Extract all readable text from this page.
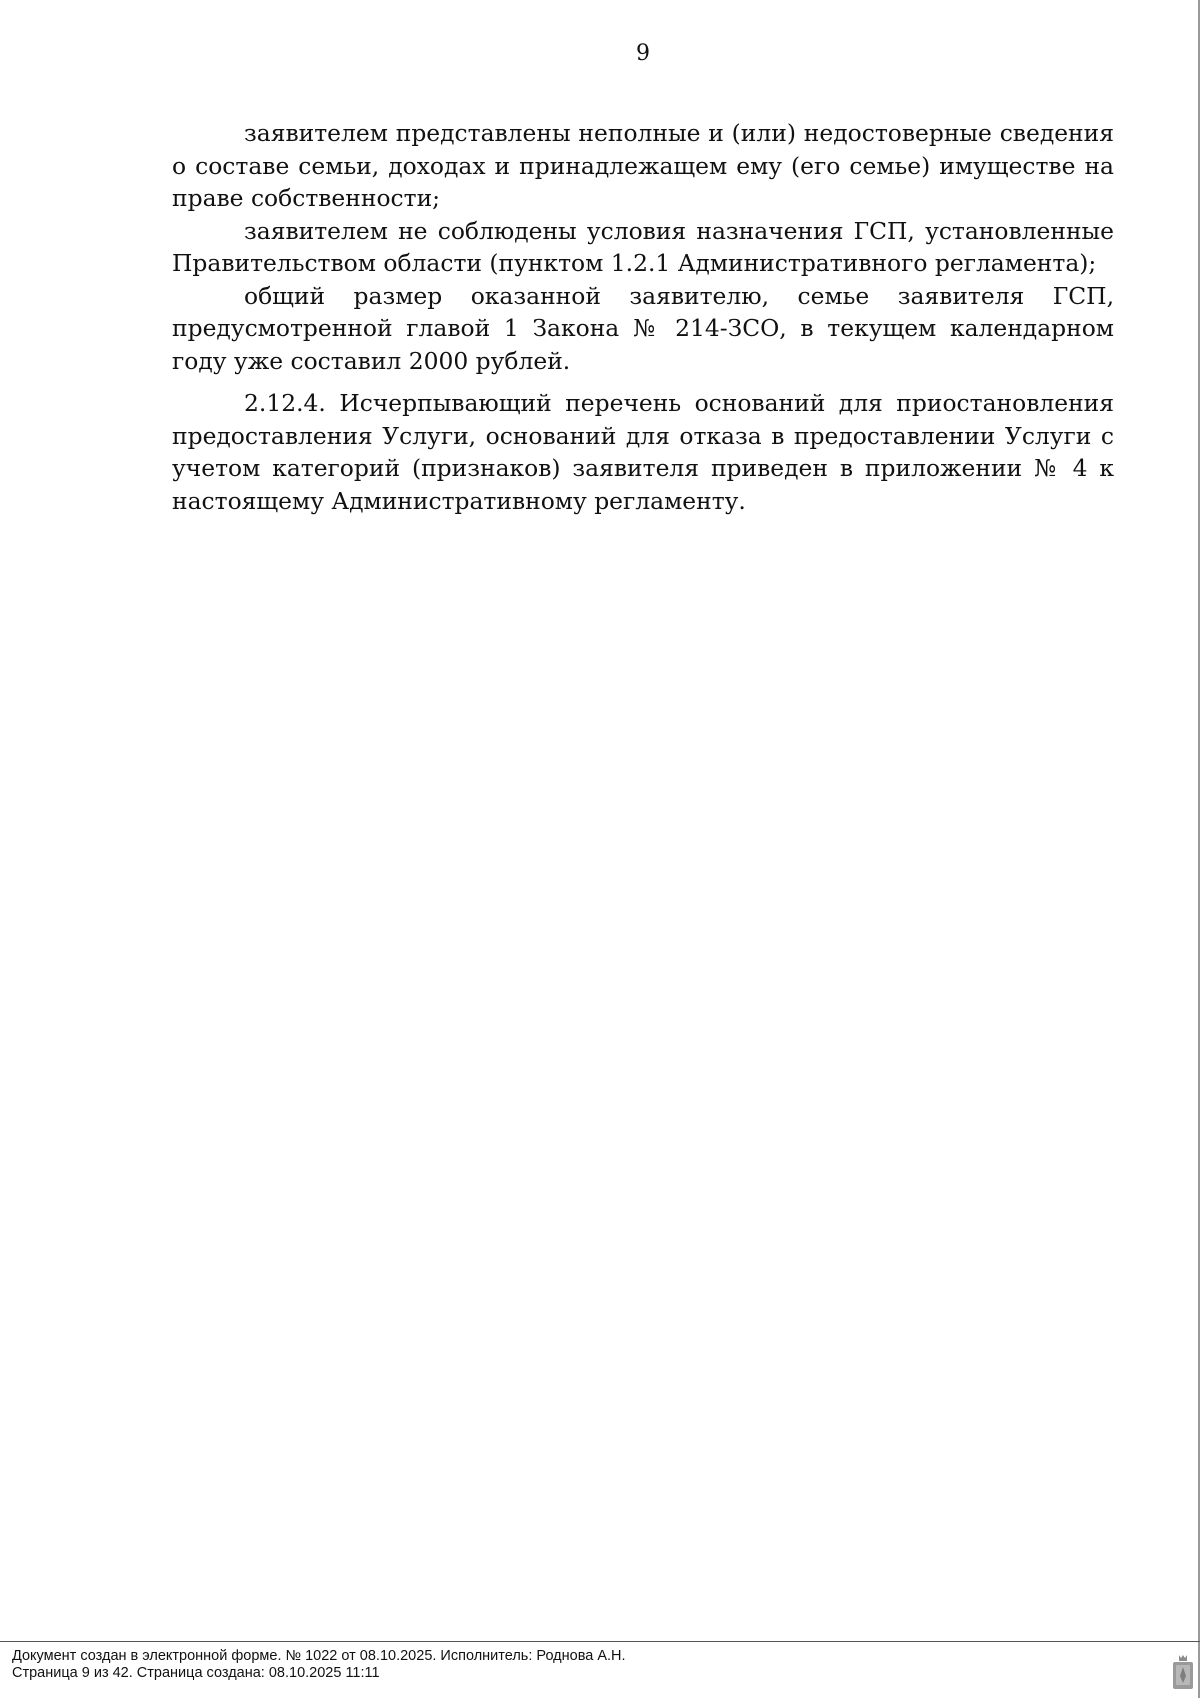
9

заявителем представлены неполные и (или) недостоверные сведения о составе семьи, доходах и принадлежащем ему (его семье) имуществе на праве собственности;

заявителем не соблюдены условия назначения ГСП, установленные Правительством области (пунктом 1.2.1 Административного регламента);

общий размер оказанной заявителю, семье заявителя ГСП, предусмотренной главой 1 Закона № 214-ЗСО, в текущем календарном году уже составил 2000 рублей.

2.12.4. Исчерпывающий перечень оснований для приостановления предоставления Услуги, оснований для отказа в предоставлении Услуги с учетом категорий (признаков) заявителя приведен в приложении № 4 к настоящему Административному регламенту.

Документ создан в электронной форме. № 1022 от 08.10.2025. Исполнитель: Роднова А.Н.
Страница 9 из 42. Страница создана: 08.10.2025 11:11
